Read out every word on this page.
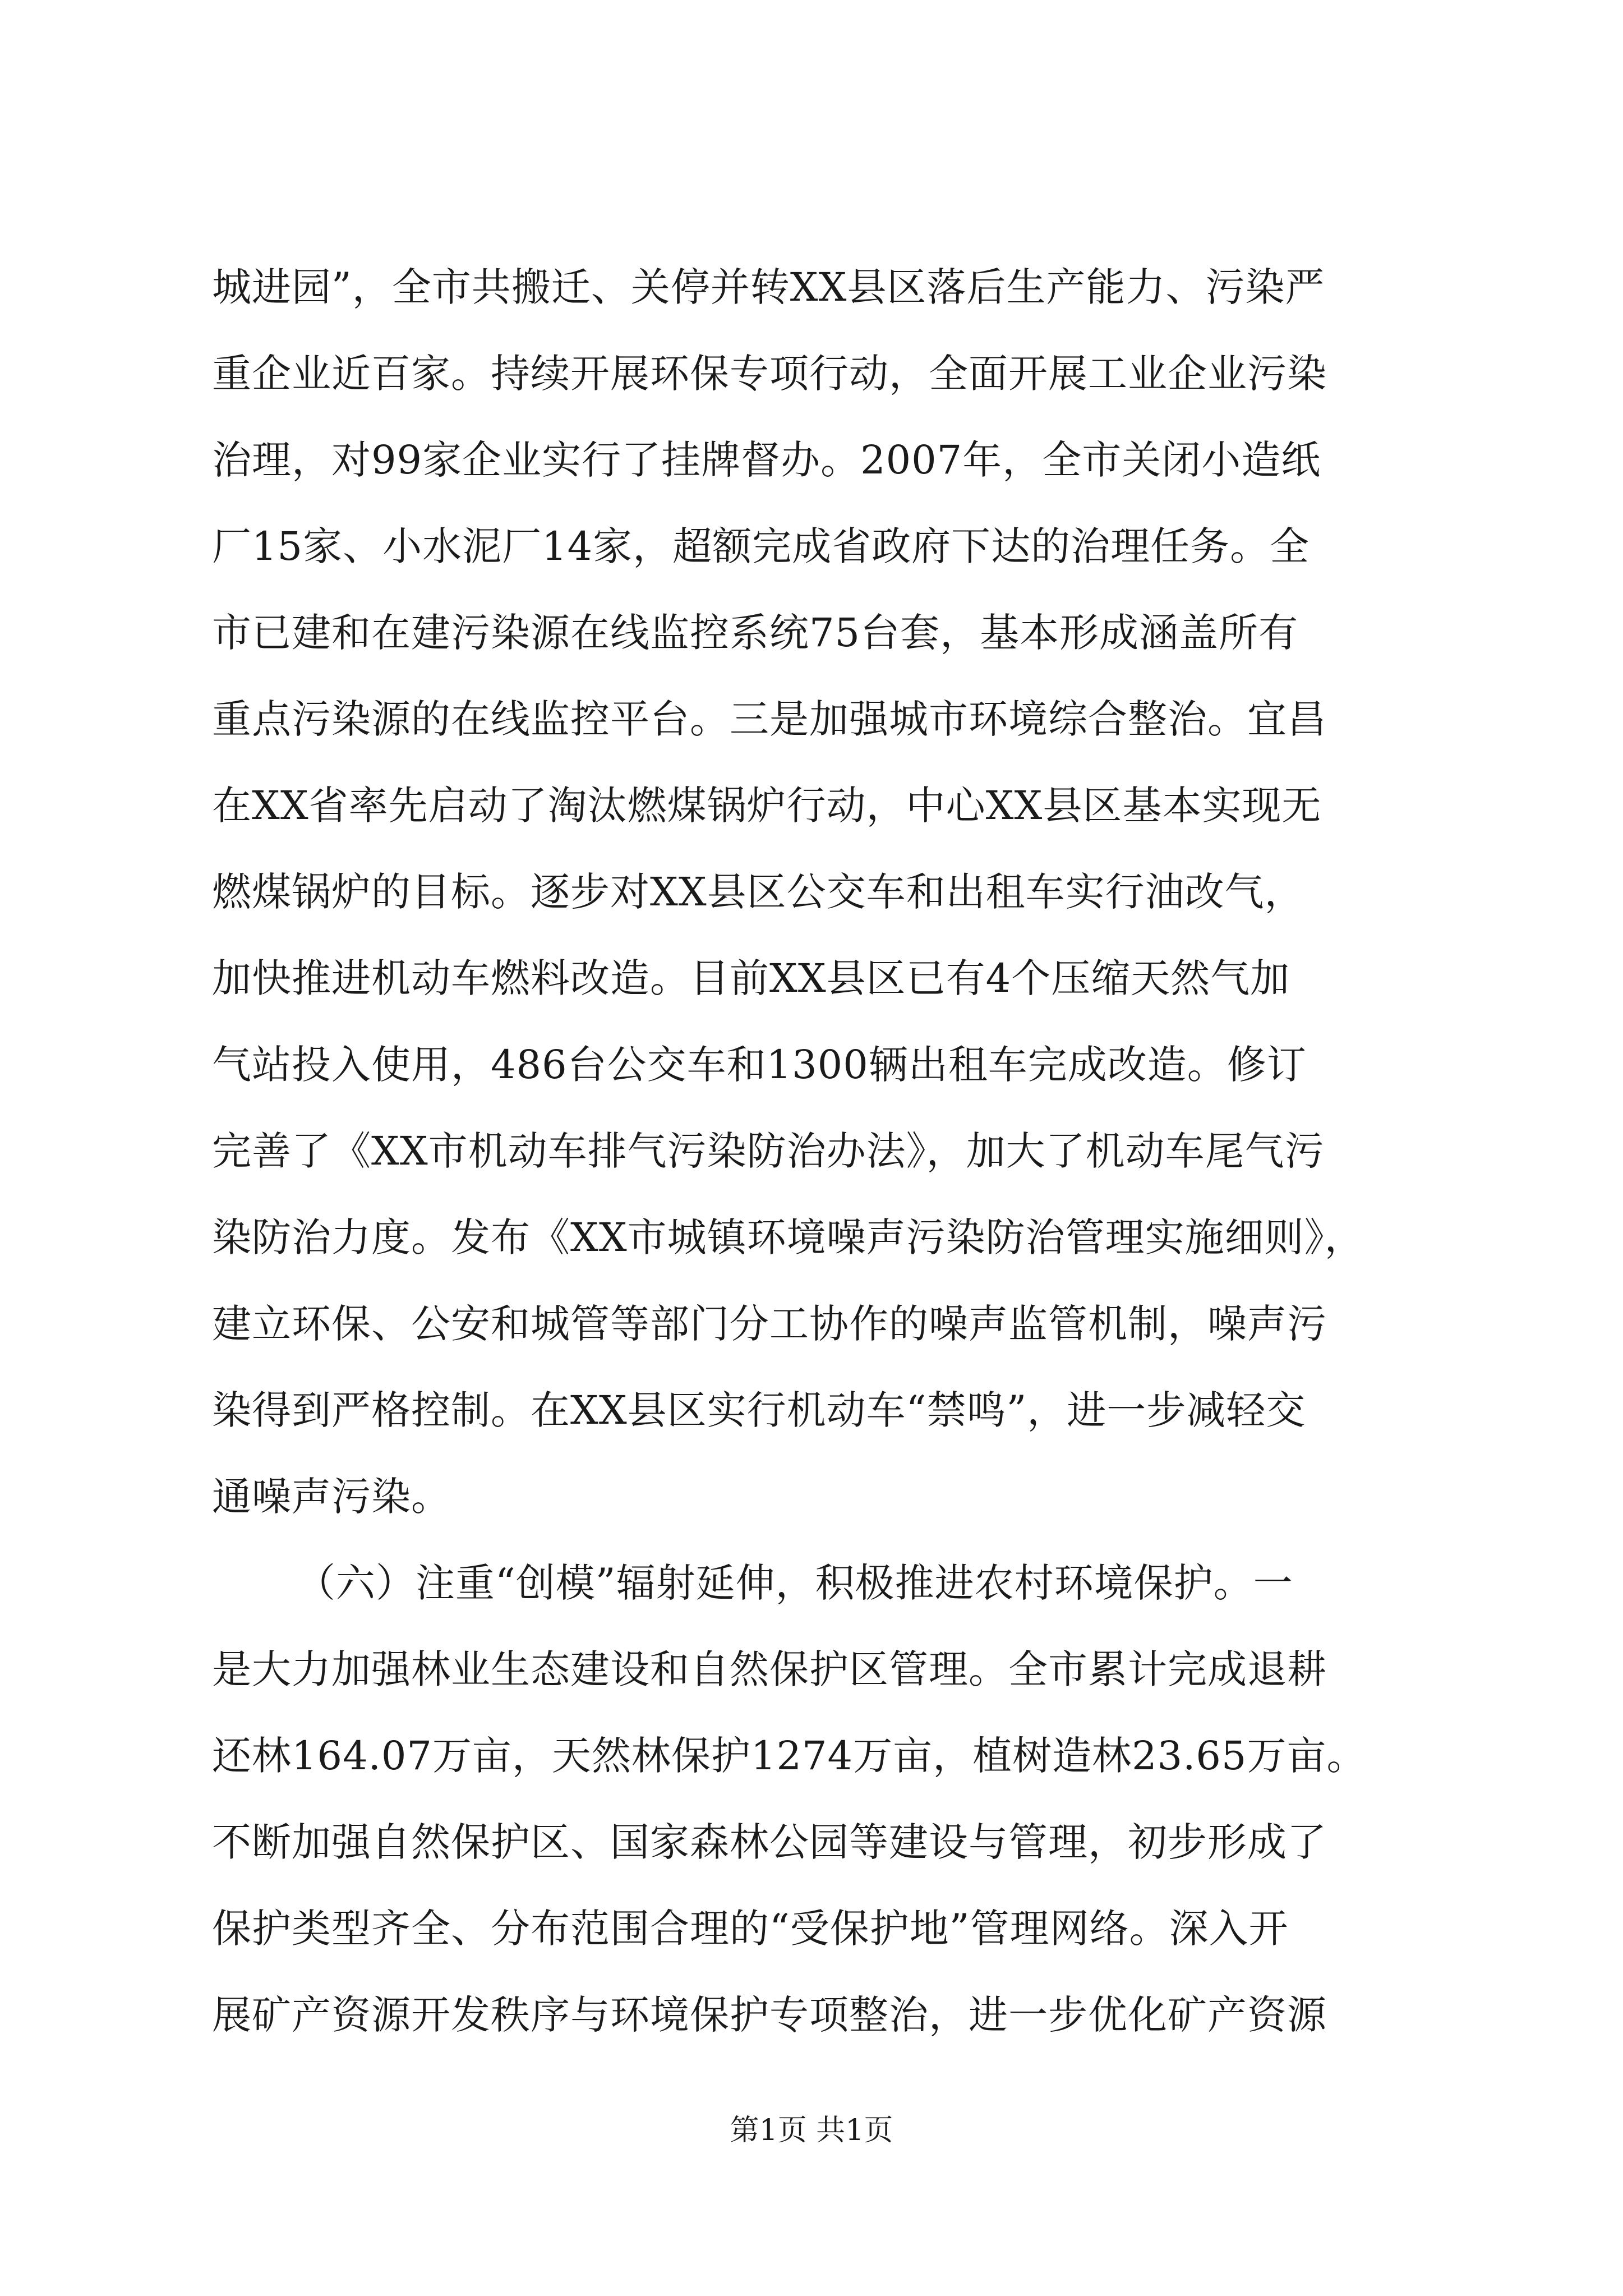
城进园”，全市共搬迁、关停并转XX县区落后生产能力、污染严
重企业近百家。持续开展环保专项行动，全面开展工业企业污染
治理，对99家企业实行了挂牌督办。2007年，全市关闭小造纸
厂15家、小水泥厂14家，超额完成省政府下达的治理任务。全
市已建和在建污染源在线监控系统75台套，基本形成涵盖所有
重点污染源的在线监控平台。三是加强城市环境综合整治。宜昌
在XX省率先启动了淘汰燃煤锅炉行动，中心XX县区基本实现无
燃煤锅炉的目标。逐步对XX县区公交车和出租车实行油改气，
加快推进机动车燃料改造。目前XX县区已有4个压缩天然气加
气站投入使用，486台公交车和1300辆出租车完成改造。修订
完善了《XX市机动车排气污染防治办法》，加大了机动车尾气污
染防治力度。发布《XX市城镇环境噪声污染防治管理实施细则》，
建立环保、公安和城管等部门分工协作的噪声监管机制，噪声污
染得到严格控制。在XX县区实行机动车“禁鸣”，进一步减轻交
通噪声污染。
（六）注重“创模”辐射延伸，积极推进农村环境保护。一
是大力加强林业生态建设和自然保护区管理。全市累计完成退耕
还林164.07万亩，天然林保护1274万亩，植树造林23.65万亩。
不断加强自然保护区、国家森林公园等建设与管理，初步形成了
保护类型齐全、分布范围合理的“受保护地”管理网络。深入开
展矿产资源开发秩序与环境保护专项整治，进一步优化矿产资源
第1页 共1页
